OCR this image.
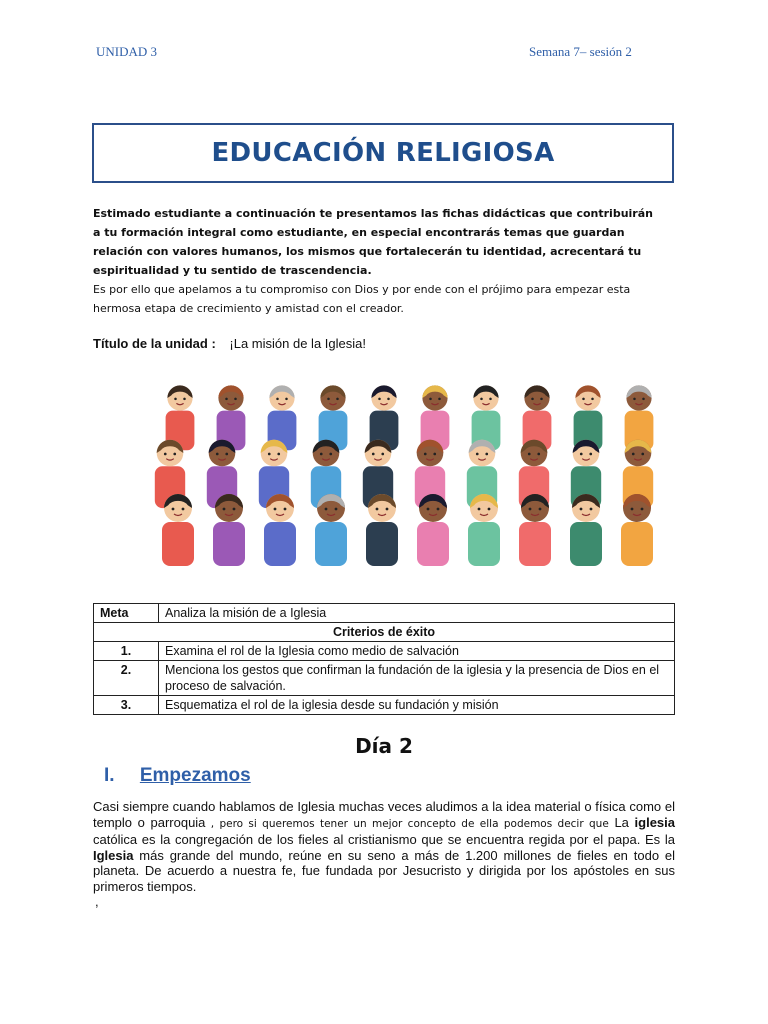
UNIDAD 3	Semana 7– sesión 2
EDUCACIÓN RELIGIOSA
Estimado estudiante a continuación te presentamos las fichas didácticas que contribuirán a tu formación integral como estudiante, en especial encontrarás temas que guardan relación con valores humanos, los mismos que fortalecerán tu identidad, acrecentará tu espiritualidad y tu sentido de trascendencia.
Es por ello que apelamos a tu compromiso con Dios y por ende con el prójimo para empezar esta hermosa etapa de crecimiento y amistad con el creador.
Título de la unidad : ¡La misión de la Iglesia!
Meta	Analiza la misión de a Iglesia
Criterios de éxito	
1.	Examina el rol de la Iglesia como medio de salvación
2.	Menciona los gestos que confirman la fundación de la iglesia y la presencia de Dios en el proceso de salvación.
3.	Esquematiza el rol de la iglesia desde su fundación y misión
Día 2
I. Empezamos
Casi siempre cuando hablamos de Iglesia muchas veces aludimos a la idea material o física como el templo o parroquia , pero si queremos tener un mejor concepto de ella podemos decir que La iglesia católica es la congregación de los fieles al cristianismo que se encuentra regida por el papa. Es la Iglesia más grande del mundo, reúne en su seno a más de 1.200 millones de fieles en todo el planeta. De acuerdo a nuestra fe, fue fundada por Jesucristo y dirigida por los apóstoles en sus primeros tiempos.
,
